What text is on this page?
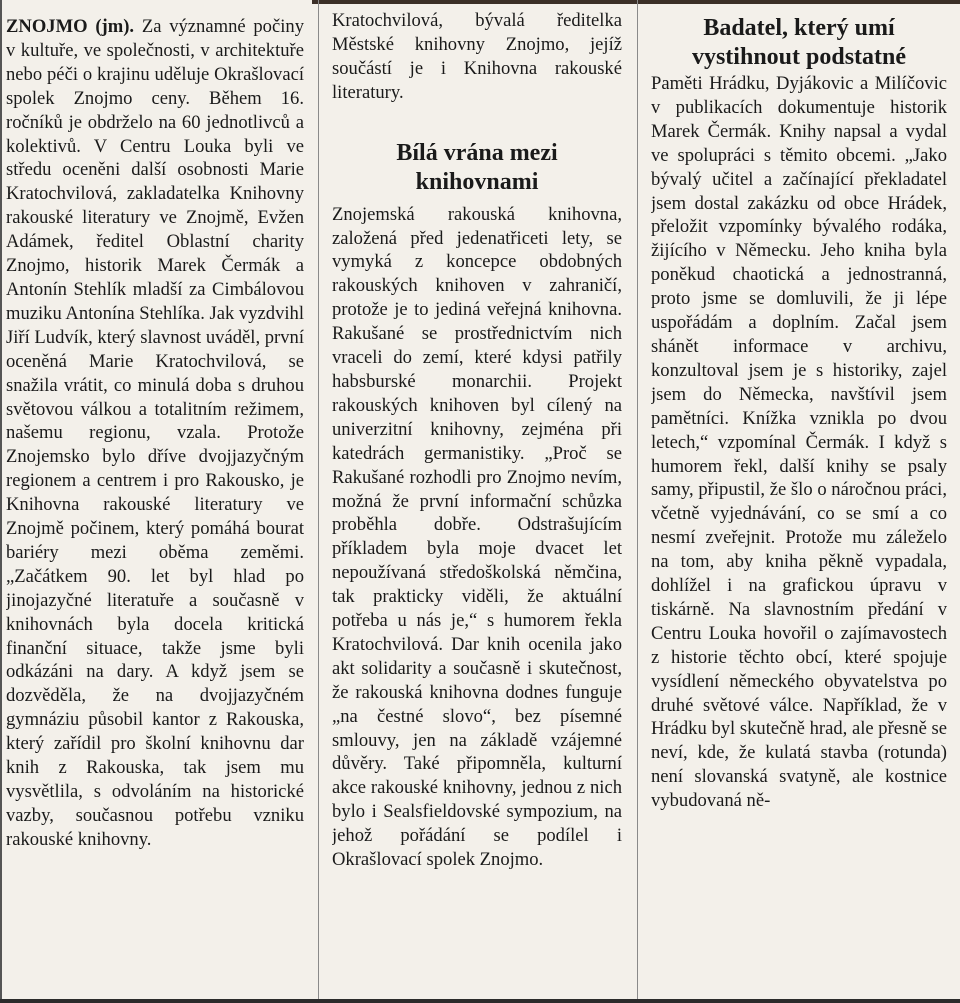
ZNOJMO (jm). Za významné počiny v kultuře, ve společnosti, v architektuře nebo péči o krajinu uděluje Okrašlovací spolek Znojmo ceny. Během 16. ročníků je obdrželo na 60 jednotlivců a kolektivů. V Centru Louka byli ve středu oceněni další osobnosti Marie Kratochvilová, zakladatelka Knihovny rakouské literatury ve Znojmě, Evžen Adámek, ředitel Oblastní charity Znojmo, historik Marek Čermák a Antonín Stehlík mladší za Cimbálovou muziku Antonína Stehlíka. Jak vyzdvihl Jiří Ludvík, který slavnost uváděl, první oceněná Marie Kratochvilová, se snažila vrátit, co minulá doba s druhou světovou válkou a totalitním režimem, našemu regionu, vzala. Protože Znojemsko bylo dříve dvojjazyčným regionem a centrem i pro Rakousko, je Knihovna rakouské literatury ve Znojmě počinem, který pomáhá bourat bariéry mezi oběma zeměmi. „Začátkem 90. let byl hlad po jinojazyčné literatuře a současně v knihovnách byla docela kritická finanční situace, takže jsme byli odkázáni na dary. A když jsem se dozvěděla, že na dvojjazyčném gymnáziu působil kantor z Rakouska, který zařídil pro školní knihovnu dar knih z Rakouska, tak jsem mu vysvětlila, s odvoláním na historické vazby, současnou potřebu vzniku rakouské knihovny.

Kratochvilová, bývalá ředitelka Městské knihovny Znojmo, jejíž součástí je i Knihovna rakouské literatury.

Bílá vrána mezi knihovnami

Znojemská rakouská knihovna, založená před jedenatřiceti lety, se vymyká z koncepce obdobných rakouských knihoven v zahraničí, protože je to jediná veřejná knihovna. Rakušané se prostřednictvím nich vraceli do zemí, které kdysi patřily habsburské monarchii. Projekt rakouských knihoven byl cílený na univerzitní knihovny, zejména při katedrách germanistiky. „Proč se Rakušané rozhodli pro Znojmo nevím, možná že první informační schůzka proběhla dobře. Odstrašujícím příkladem byla moje dvacet let nepoužívaná středoškolská němčina, tak prakticky viděli, že aktuální potřeba u nás je,“ s humorem řekla Kratochvilová. Dar knih ocenila jako akt solidarity a současně i skutečnost, že rakouská knihovna dodnes funguje „na čestné slovo“, bez písemné smlouvy, jen na základě vzájemné důvěry. Také připomněla, kulturní akce rakouské knihovny, jednou z nich bylo i Sealsfieldovské sympozium, na jehož pořádání se podílel i Okrašlovací spolek Znojmo.

Badatel, který umí vystihnout podstatné

Paměti Hrádku, Dyjákovic a Milíčovic v publikacích dokumentuje historik Marek Čermák. Knihy napsal a vydal ve spolupráci s těmito obcemi. „Jako bývalý učitel a začínající překladatel jsem dostal zakázku od obce Hrádek, přeložit vzpomínky bývalého rodáka, žijícího v Německu. Jeho kniha byla poněkud chaotická a jednostranná, proto jsme se domluvili, že ji lépe uspořádám a doplním. Začal jsem shánět informace v archivu, konzultoval jsem je s historiky, zajel jsem do Německa, navštívil jsem pamětníci. Knížka vznikla po dvou letech,“ vzpomínal Čermák. I když s humorem řekl, další knihy se psaly samy, připustil, že šlo o náročnou práci, včetně vyjednávání, co se smí a co nesmí zveřejnit. Protože mu záleželo na tom, aby kniha pěkně vypadala, dohlížel i na grafickou úpravu v tiskárně. Na slavnostním předání v Centru Louka hovořil o zajímavostech z historie těchto obcí, které spojuje vysídlení německého obyvatelstva po druhé světové válce. Například, že v Hrádku byl skutečně hrad, ale přesně se neví, kde, že kulatá stavba (rotunda) není slovanská svatyně, ale kostnice vybudovaná ně-
